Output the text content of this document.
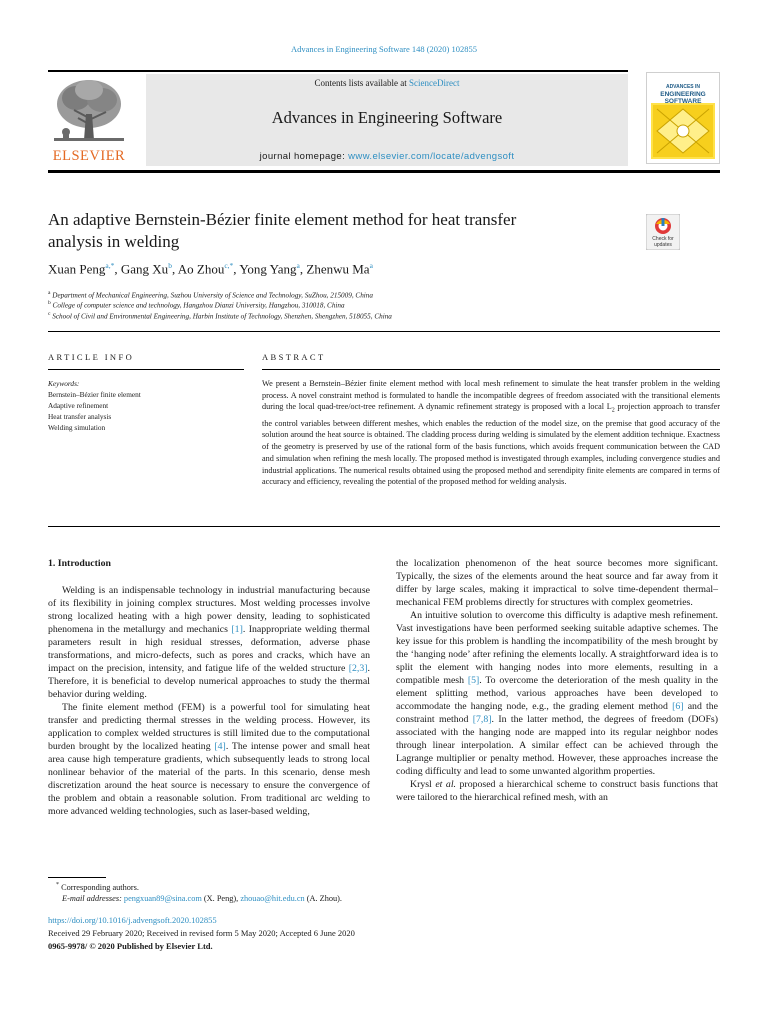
Advances in Engineering Software 148 (2020) 102855
ELSEVIER
Contents lists available at ScienceDirect
Advances in Engineering Software
journal homepage: www.elsevier.com/locate/advengsoft
ADVANCES IN
ENGINEERING
SOFTWARE
An adaptive Bernstein-Bézier finite element method for heat transfer
analysis in welding	Check for
updates
Xuan Peng$^{a,*}$, Gang Xu$^b$, Ao Zhou$^{c,*}$, Yong Yang$^a$, Zhenwu Ma$^a$
$^a$ Department of Mechanical Engineering, Suzhou University of Science and Technology, SuZhou, 215009, China
$^b$ College of computer science and technology, Hangzhou Dianzi University, Hangzhou, 310018, China
$^c$ School of Civil and Environmental Engineering, Harbin Institute of Technology, Shenzhen, Shengzhen, 518055, China
ARTICLE INFO	ABSTRACT
Keywords:
Bernstein–Bézier finite element
Adaptive refinement
Heat transfer analysis
Welding simulation
We present a Bernstein–Bézier finite element method with local mesh refinement to simulate the heat transfer problem in the welding process. A novel constraint method is formulated to handle the incompatible degrees of freedom associated with the transitional elements during the local quad-tree/oct-tree refinement. A dynamic refinement strategy is proposed with a local $L_2$ projection approach to transfer the control variables between different meshes, which enables the reduction of the model size, on the premise that good accuracy of the solution around the heat source is obtained. The cladding process during welding is simulated by the element addition technique. Exactness of the geometry is preserved by use of the rational form of the basis functions, which avoids frequent communication between the CAD and simulation when refining the mesh locally. The proposed method is investigated through examples, including convergence studies and industrial applications. The numerical results obtained using the proposed method and serendipity finite elements are compared in terms of accuracy and efficiency, revealing the potential of the proposed method for welding analysis.

1. Introduction

Welding is an indispensable technology in industrial manufacturing because of its flexibility in joining complex structures. Most welding processes involve strong localized heating with a high power density, leading to sophisticated phenomena in the metallurgy and mechanics [1]. Inappropriate welding thermal parameters result in high residual stresses, deformation, adverse phase transformations, and micro-defects, such as pores and cracks, which have an impact on the precision, intensity, and fatigue life of the welded structure [2,3]. Therefore, it is beneficial to develop numerical approaches to study the thermal behavior during welding.

The finite element method (FEM) is a powerful tool for simulating heat transfer and predicting thermal stresses in the welding process. However, its application to complex welded structures is still limited due to the computational burden brought by the localized heating [4]. The intense power and small heat area cause high temperature gradients, which subsequently leads to strong local nonlinear behavior of the material of the parts. In this scenario, dense mesh discretization around the heat source is necessary to ensure the convergence of the problem and obtain a reasonable solution. From traditional arc welding to more advanced welding technologies, such as laser-based welding,

the localization phenomenon of the heat source becomes more significant. Typically, the sizes of the elements around the heat source and far away from it differ by large scales, making it impractical to solve time-dependent thermal–mechanical FEM problems directly for structures with complex geometries.

An intuitive solution to overcome this difficulty is adaptive mesh refinement. Vast investigations have been performed seeking suitable adaptive schemes. The key issue for this problem is handling the incompatibility of the mesh brought by the ‘hanging node’ after refining the elements locally. A straightforward idea is to split the element with hanging nodes into more elements, resulting in a compatible mesh [5]. To overcome the deterioration of the mesh quality in the element splitting method, various approaches have been developed to accommodate the hanging node, e.g., the grading element method [6] and the constraint method [7,8]. In the latter method, the degrees of freedom (DOFs) associated with the hanging node are mapped into its regular neighbor nodes through linear interpolation. A similar effect can be achieved through the Lagrange multiplier or penalty method. However, these approaches increase the coding difficulty and lead to some unwanted algorithm properties.

Krysl et al. proposed a hierarchical scheme to construct basis functions that were tailored to the hierarchical refined mesh, with an

* Corresponding authors.
E-mail addresses: pengxuan89@sina.com (X. Peng), zhouao@hit.edu.cn (A. Zhou).
https://doi.org/10.1016/j.advengsoft.2020.102855
Received 29 February 2020; Received in revised form 5 May 2020; Accepted 6 June 2020
0965-9978/ © 2020 Published by Elsevier Ltd.
